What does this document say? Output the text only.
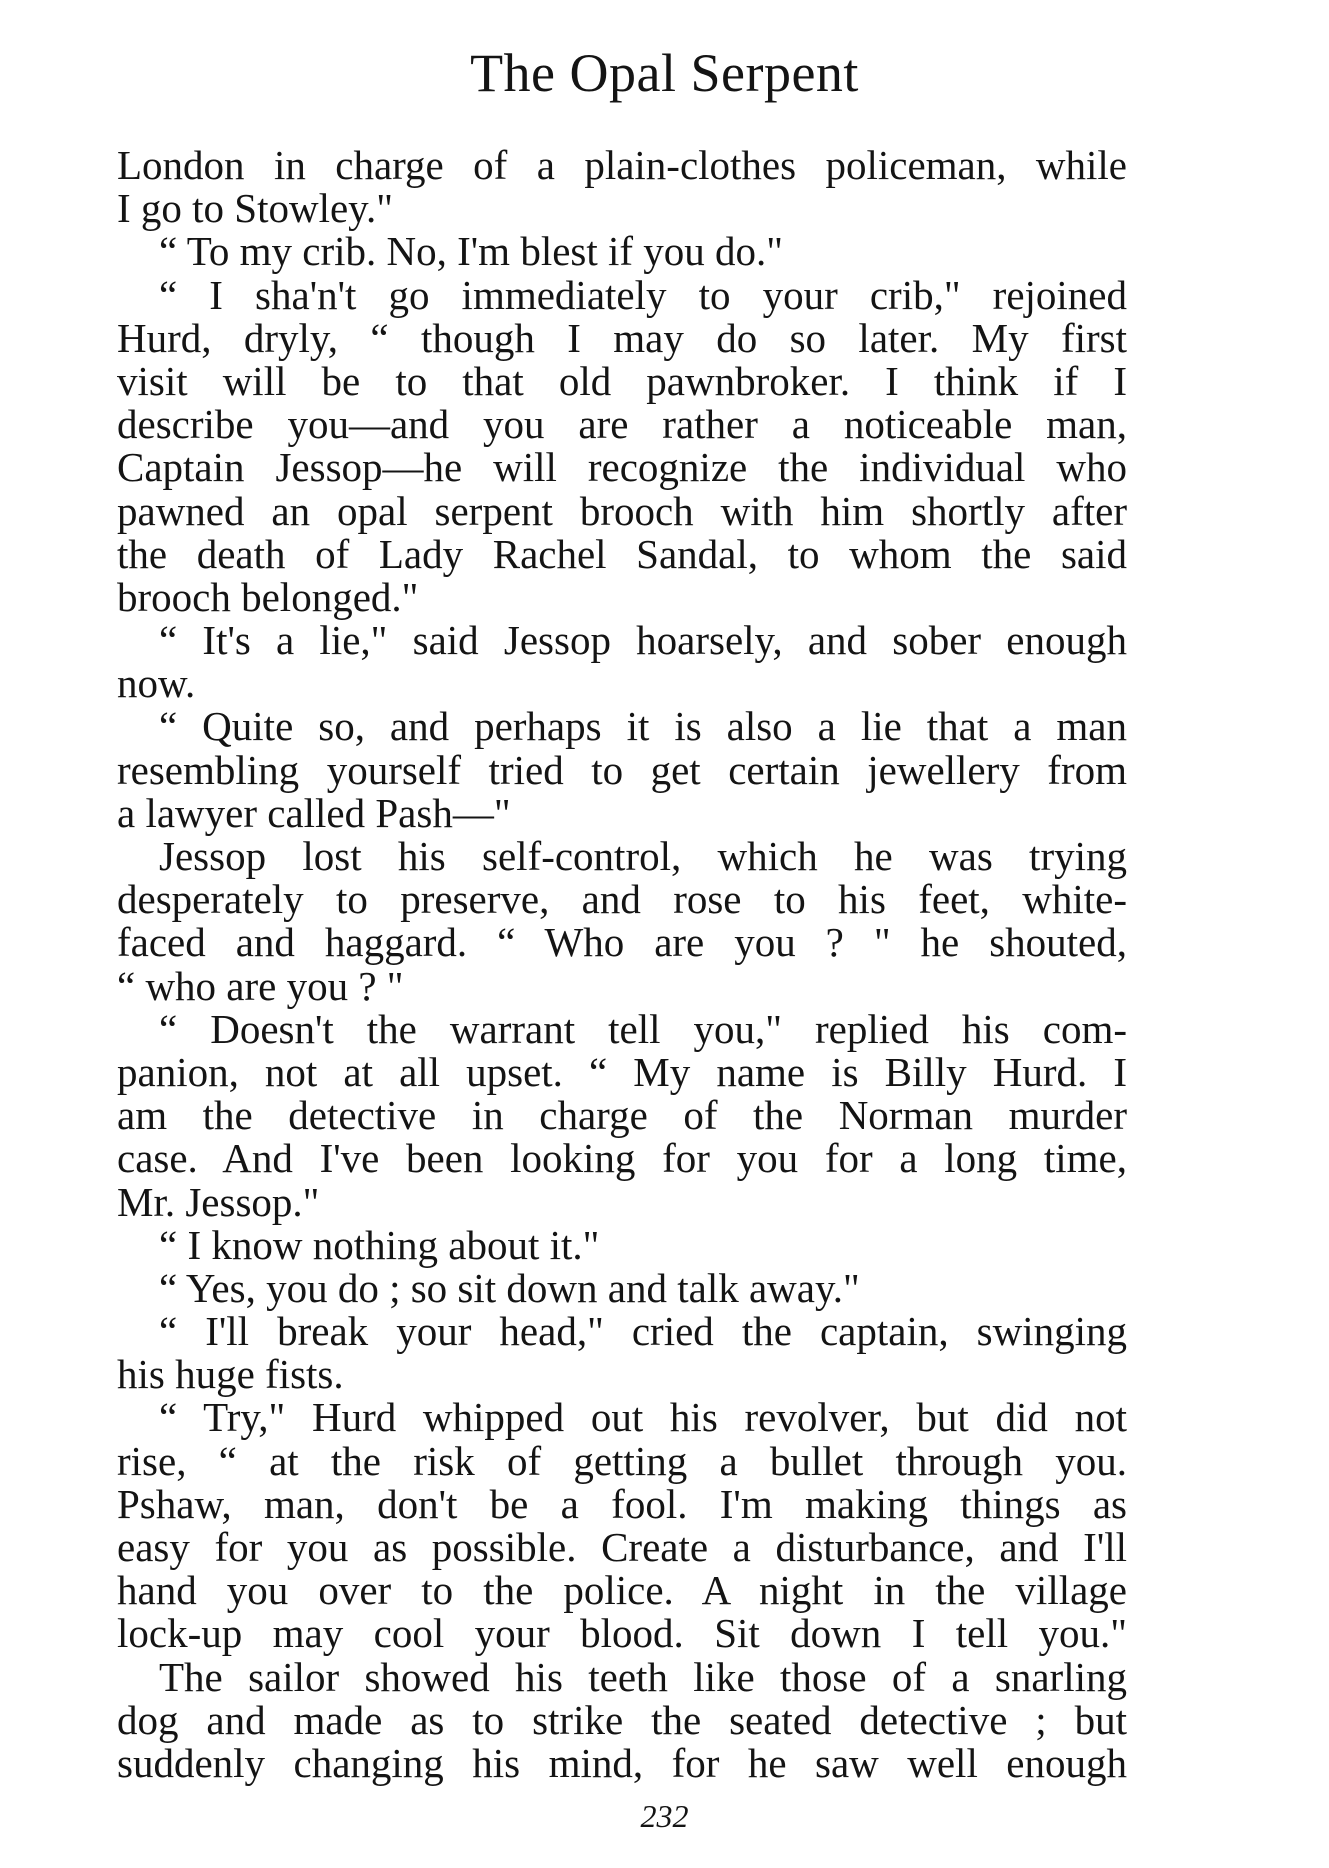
The Opal Serpent
London in charge of a plain-clothes policeman, while
I go to Stowley."
“ To my crib. No, I'm blest if you do."
“ I sha'n't go immediately to your crib," rejoined
Hurd, dryly, “ though I may do so later. My first
visit will be to that old pawnbroker. I think if I
describe you—and you are rather a noticeable man,
Captain Jessop—he will recognize the individual who
pawned an opal serpent brooch with him shortly after
the death of Lady Rachel Sandal, to whom the said
brooch belonged."
“ It's a lie," said Jessop hoarsely, and sober enough
now.
“ Quite so, and perhaps it is also a lie that a man
resembling yourself tried to get certain jewellery from
a lawyer called Pash—"
Jessop lost his self-control, which he was trying
desperately to preserve, and rose to his feet, white-
faced and haggard. “ Who are you ? " he shouted,
“ who are you ? "
“ Doesn't the warrant tell you," replied his com-
panion, not at all upset. “ My name is Billy Hurd. I
am the detective in charge of the Norman murder
case. And I've been looking for you for a long time,
Mr. Jessop."
“ I know nothing about it."
“ Yes, you do ; so sit down and talk away."
“ I'll break your head," cried the captain, swinging
his huge fists.
“ Try," Hurd whipped out his revolver, but did not
rise, “ at the risk of getting a bullet through you.
Pshaw, man, don't be a fool. I'm making things as
easy for you as possible. Create a disturbance, and I'll
hand you over to the police. A night in the village
lock-up may cool your blood. Sit down I tell you."
The sailor showed his teeth like those of a snarling
dog and made as to strike the seated detective ; but
suddenly changing his mind, for he saw well enough
232
